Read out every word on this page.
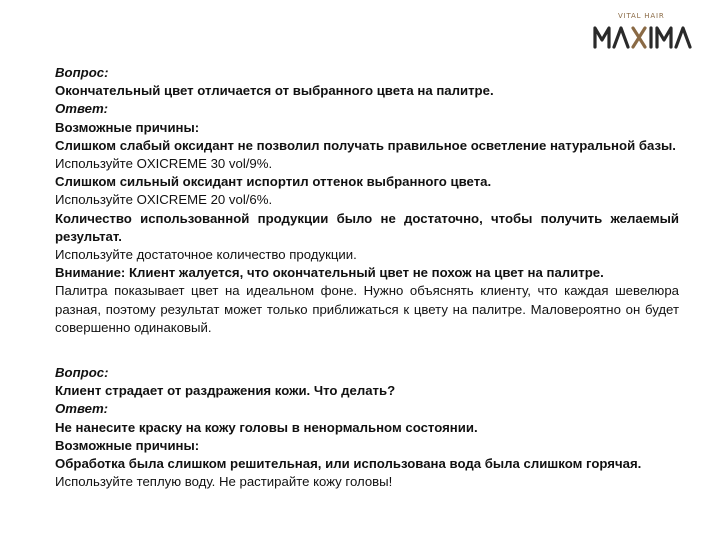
VITAL HAIR

Вопрос:

Окончательный цвет отличается от выбранного цвета на палитре.

Ответ:

Возможные причины:

Слишком слабый оксидант не позволил получать правильное осветление натуральной базы.

Используйте OXICREME 30 vol/9%.

Слишком сильный оксидант испортил оттенок выбранного цвета.

Используйте OXICREME 20 vol/6%.

Количество использованной продукции было не достаточно, чтобы получить желаемый результат.

Используйте достаточное количество продукции.

Внимание: Клиент жалуется, что окончательный цвет не похож на цвет на палитре.

Палитра показывает цвет на идеальном фоне. Нужно объяснять клиенту, что каждая шевелюра разная, поэтому результат может только приближаться к цвету на палитре. Маловероятно он будет совершенно одинаковый.

Вопрос:

Клиент страдает от раздражения кожи. Что делать?

Ответ:

Не нанесите краску на кожу головы в ненормальном состоянии.

Возможные причины:

Обработка была слишком решительная, или использована вода была слишком горячая. Используйте теплую воду. Не растирайте кожу головы!
